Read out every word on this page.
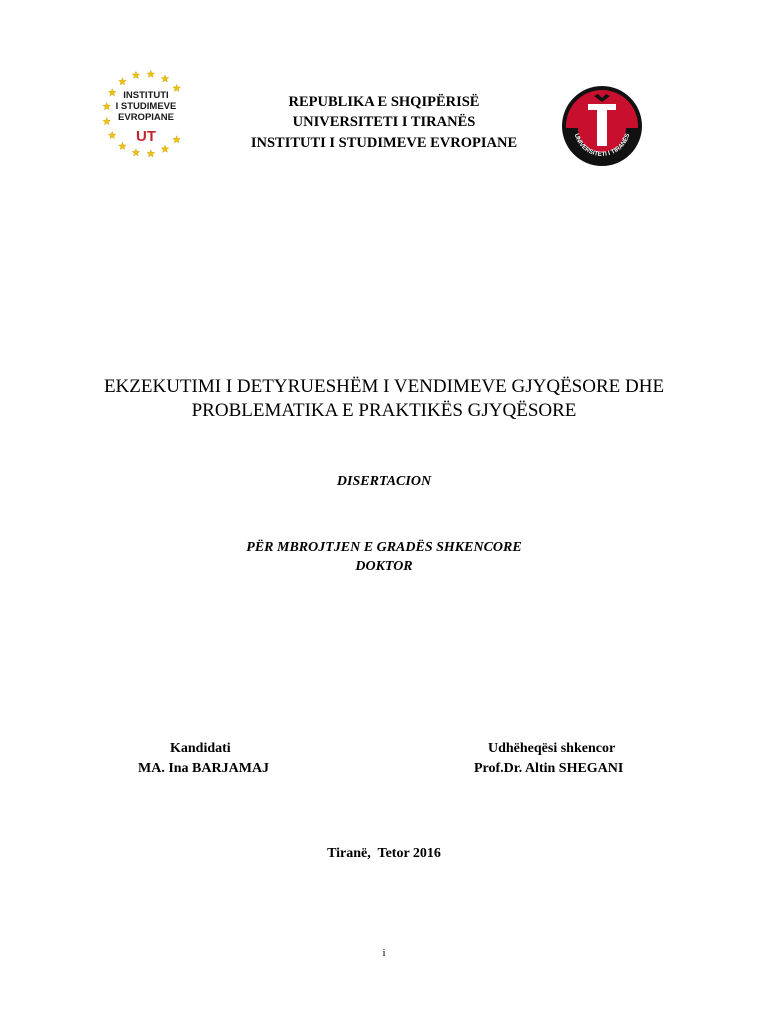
INSTITUTI
I STUDIMEVE
EVROPIANE
UT	UNIVERSITETI I TIRANËS
REPUBLIKA E SHQIPËRISË
UNIVERSITETI I TIRANËS
INSTITUTI I STUDIMEVE EVROPIANE
EKZEKUTIMI I DETYRUESHËM I VENDIMEVE GJYQËSORE DHE
PROBLEMATIKA E PRAKTIKËS GJYQËSORE
DISERTACION
PËR MBROJTJEN E GRADËS SHKENCORE
DOKTOR
Kandidati
MA. Ina BARJAMAJ
Udhëheqësi shkencor
Prof.Dr. Altin SHEGANI
Tiranë,  Tetor 2016
i
